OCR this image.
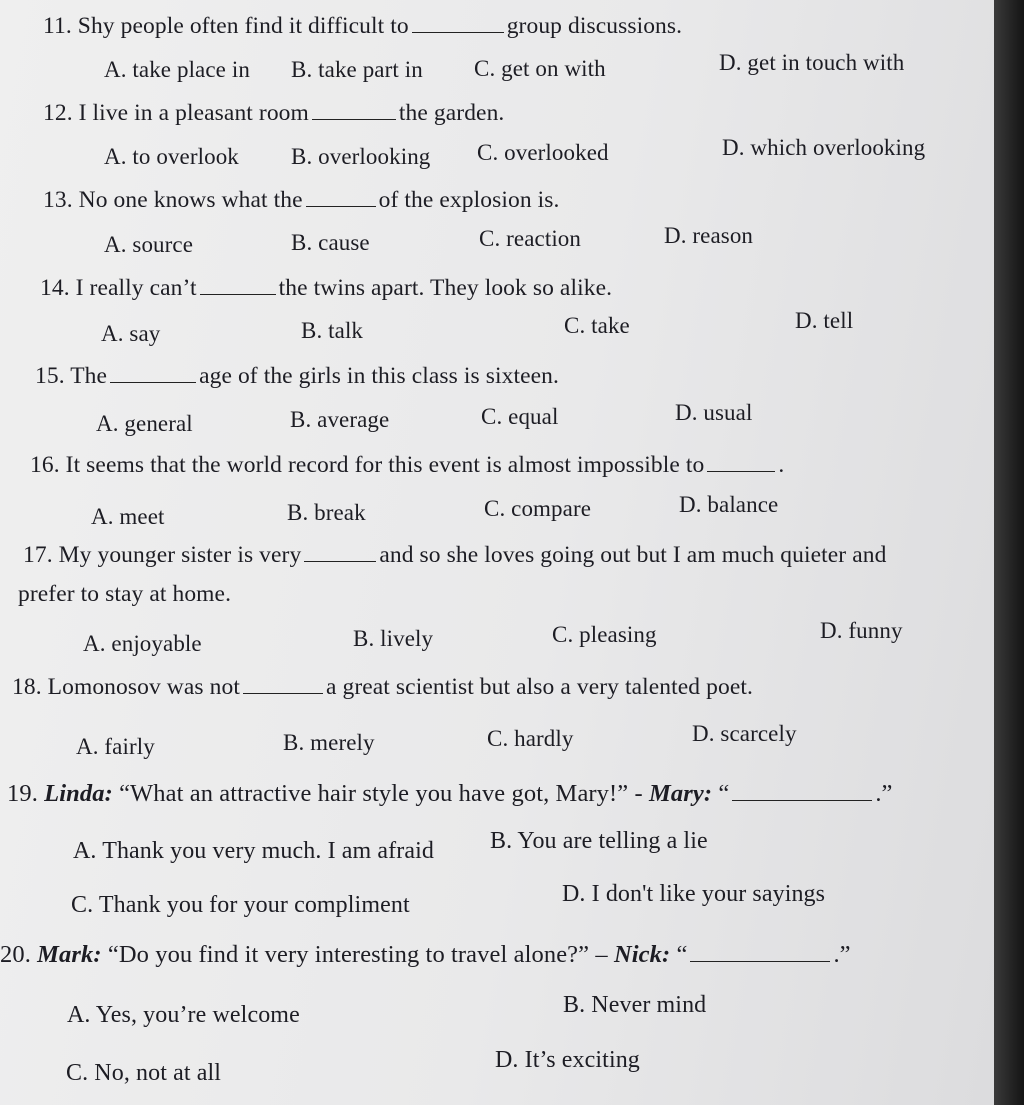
11. Shy people often find it difficult to	group discussions.
A. take place in B. take part in C. get on with	D. get in touch with
12. I live in a pleasant room	the garden.
A. to overlook B. overlooking C. overlooked	D. which overlooking
13. No one knows what the	of the explosion is.
A. source	B. cause	C. reaction	D. reason
14. I really can’t	the twins apart. They look so alike.
A. say	B. talk	C. take	D. tell
15. The	age of the girls in this class is sixteen.
A. general	B. average	C. equal	D. usual
16. It seems that the world record for this event is almost impossible to	.
A. meet	B. break	C. compare	D. balance
17. My younger sister is very	and so she loves going out but I am much quieter and
prefer to stay at home.
A. enjoyable	B. lively	C. pleasing	D. funny
18. Lomonosov was not	a great scientist but also a very talented poet.
A. fairly	B. merely	C. hardly	D. scarcely
19. Linda: “What an attractive hair style you have got, Mary!” - Mary: “	.”
A. Thank you very much. I am afraid B. You are telling a lie
C. Thank you for your compliment	D. I don't like your sayings
20. Mark: “Do you find it very interesting to travel alone?” – Nick: “	.”
A. Yes, you’re welcome	B. Never mind
C. No, not at all	D. It’s exciting
